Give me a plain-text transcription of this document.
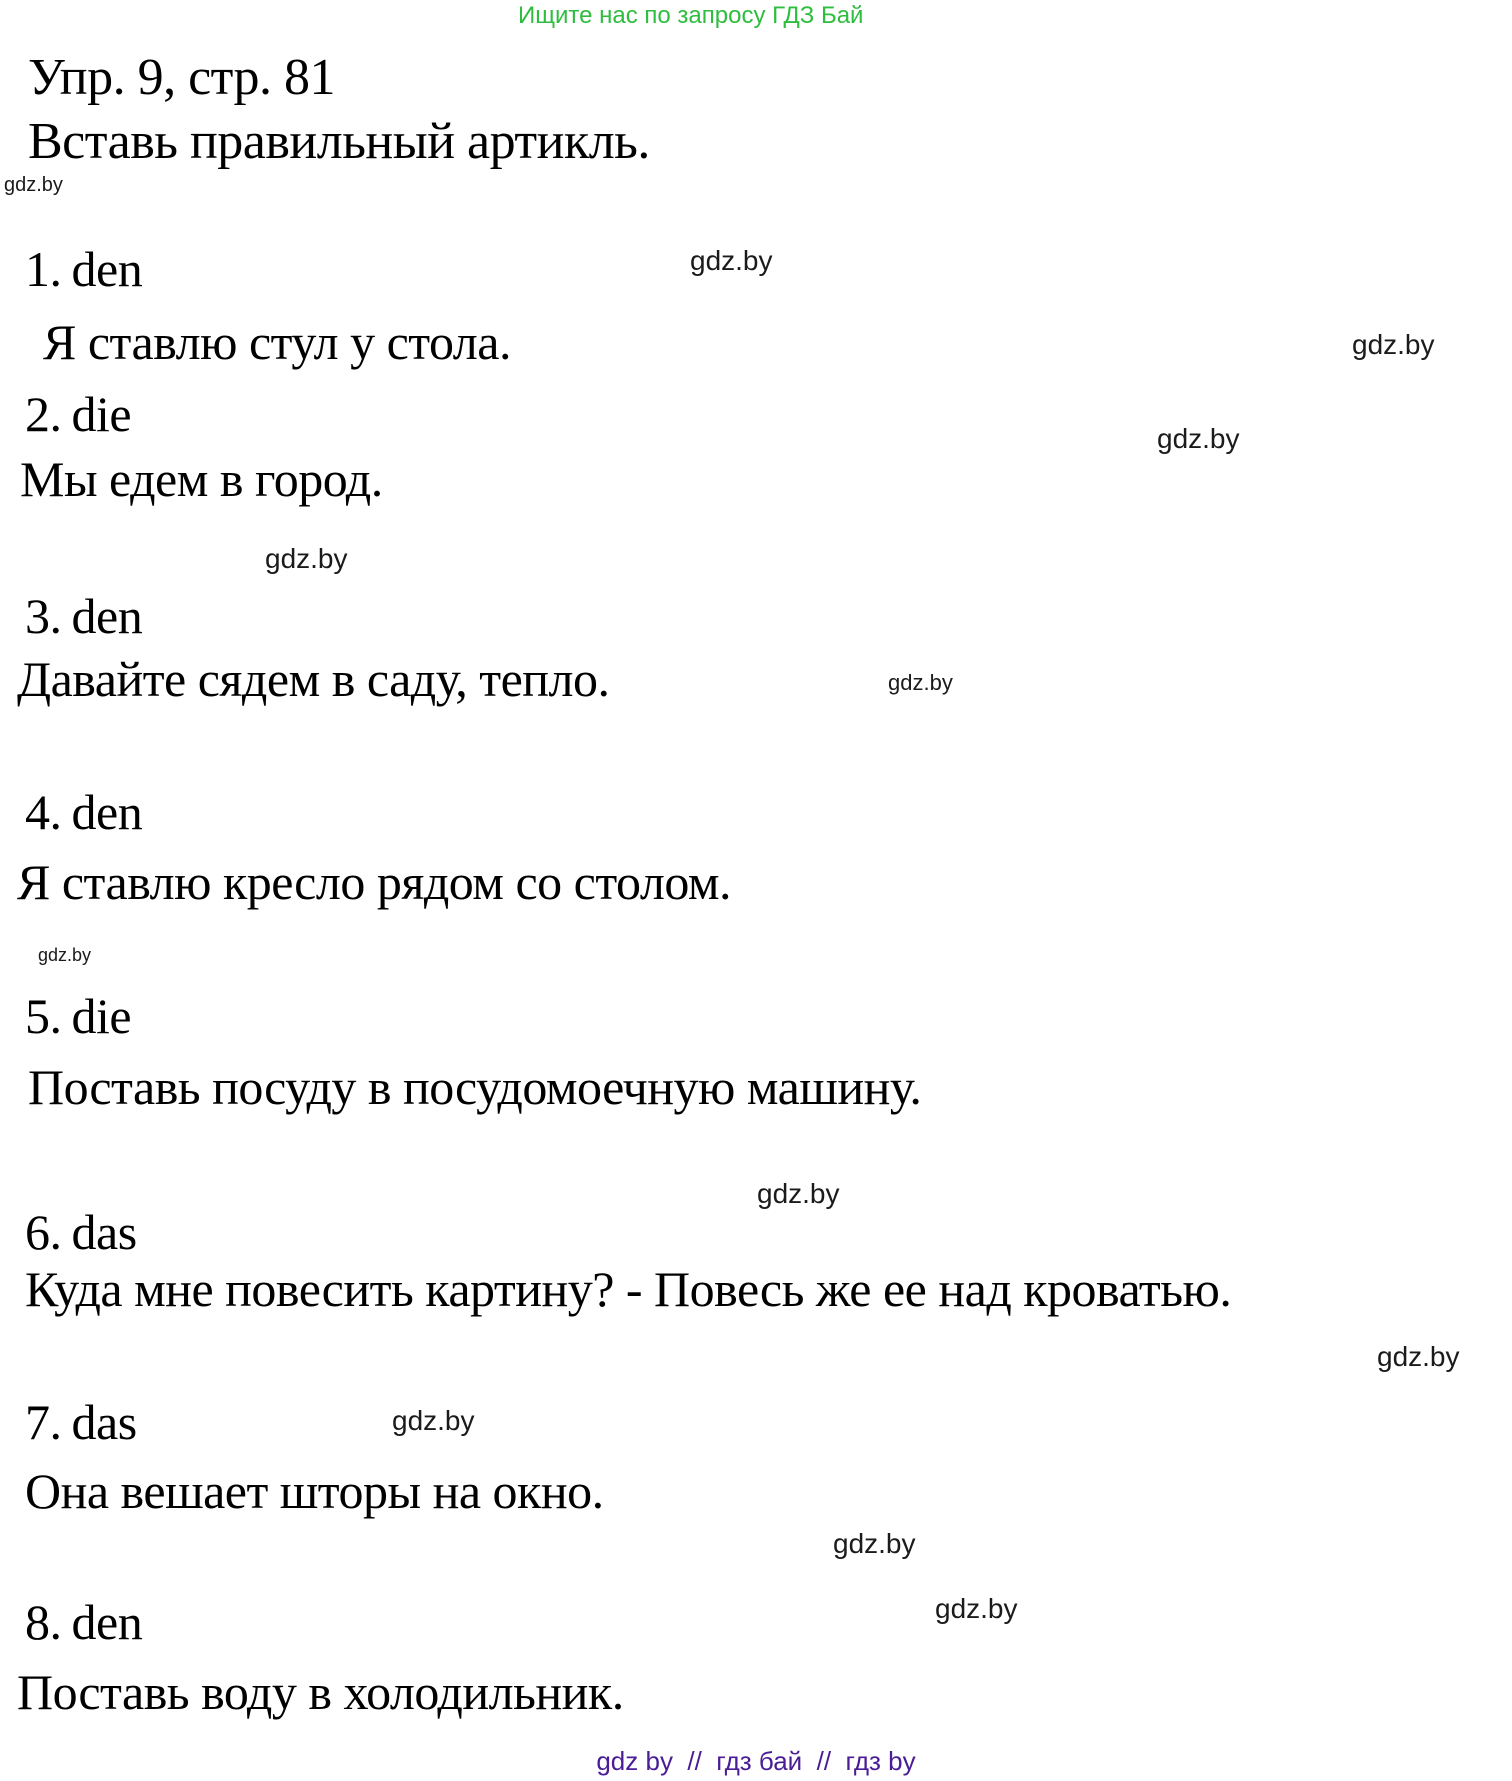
Ищите нас по запросу ГДЗ Бай
Упр. 9, стр. 81
Вставь правильный артикль.
1. den
Я ставлю стул у стола.
2. die
Мы едем в город.
3. den
Давайте сядем в саду, тепло.
4. den
Я ставлю кресло рядом со столом.
5. die
Поставь посуду в посудомоечную машину.
6. das
Куда мне повесить картину? - Повесь же ее над кроватью.
7. das
Она вешает шторы на окно.
8. den
Поставь воду в холодильник.
gdz.by
gdz.by
gdz.by
gdz.by
gdz.by
gdz.by
gdz.by
gdz.by
gdz.by
gdz.by
gdz.by
gdz.by
gdz by  //  гдз бай  //  гдз by
